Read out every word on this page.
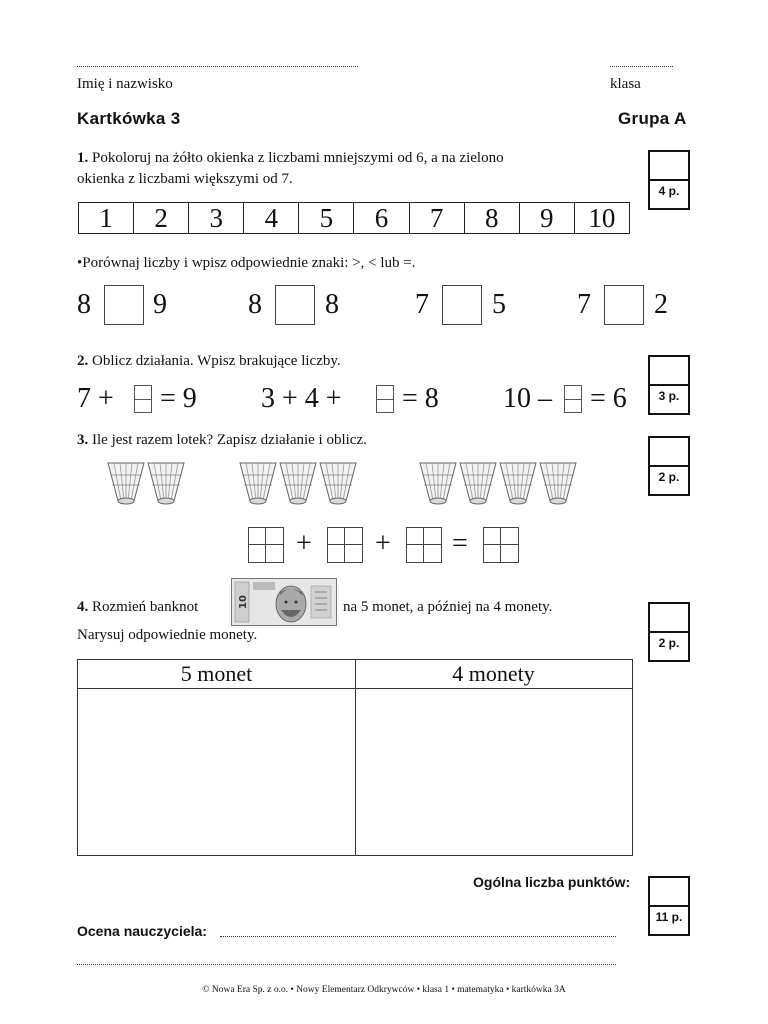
Imię i nazwisko	klasa
Kartkówka 3	Grupa A
1. Pokoloruj na żółto okienka z liczbami mniejszymi od 6, a na zielono
okienka z liczbami większymi od 7.
4 p.
1	2	3	4	5	6	7	8	9	10
•Porównaj liczby i wpisz odpowiednie znaki: >, < lub =.
8 9	8 8	7 5	7 2
2. Oblicz działania. Wpisz brakujące liczby.
3 p.
7 + = 9 3 + 4 + = 8 10 – = 6
3. Ile jest razem lotek? Zapisz działanie i oblicz.
2 p.
+ + =
4. Rozmień banknot	10	na 5 monet, a później na 4 monety.
Narysuj odpowiednie monety.	2 p.
5 monet	4 monety
Ogólna liczba punktów:
11 p.
Ocena nauczyciela:
© Nowa Era Sp. z o.o. • Nowy Elementarz Odkrywców • klasa 1 • matematyka • kartkówka 3A
